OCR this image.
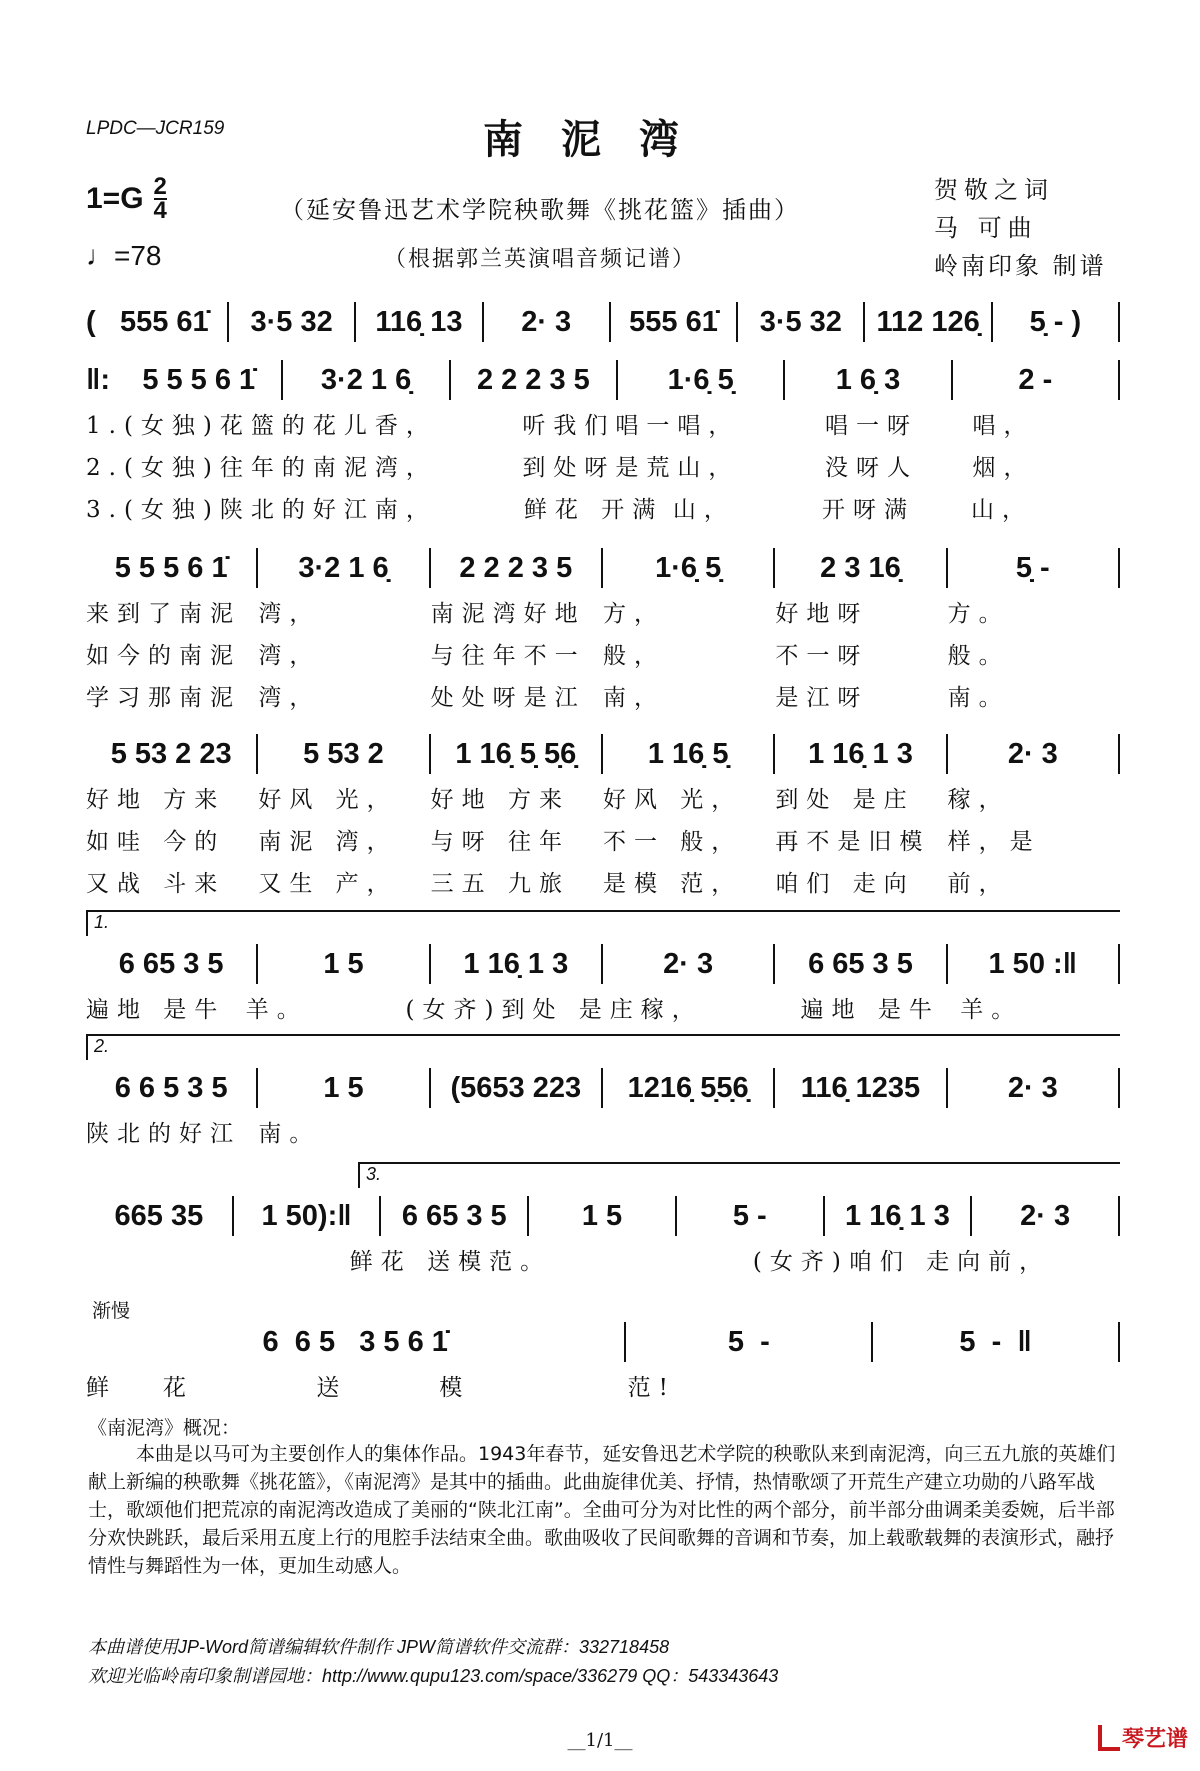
LPDC—JCR159	南泥湾
$1=G \frac{2}{4}$
♩=78
（延安鲁迅艺术学院秧歌舞《挑花篮》插曲）
（根据郭兰英演唱音频记谱）
贺敬之词
马 可曲
岭南印象 制谱
( 555 61̇	3·5 32	116̣ 13	2· 3	555 61̇	3·5 32	112 126̣	5̣ - )
‖:	5 5 5 6 1̇	3·2 1 6̣	2 2 2 3 5	1·6̣ 5̣	1 6̣ 3	2 -
1.(女独)花篮的花儿 香，	听我们唱一 唱，	唱一呀	唱，
2.(女独)往年的南泥 湾，	到处呀是荒 山，	没呀人	烟，
3.(女独)陕北的好江 南，	鲜花 开满 山，	开呀满	山，
5 5 5 6 1̇	3·2 1 6̣	2 2 2 3 5	1·6̣ 5̣	2 3 16̣	5̣ -
来到了南泥 湾，	南泥湾好地 方，	好地呀	方。
如今的南泥 湾，	与往年不一 般，	不一呀	般。
学习那南泥 湾，	处处呀是江 南，	是江呀	南。
5 53 2 23	5 53 2	1 16̣ 5̣ 5̣6̣	1 16̣ 5̣	1 16̣ 1 3	2· 3
好地 方来	好风 光，	好地 方来	好风 光，	到处 是庄	稼，
如哇 今的	南泥 湾，	与呀 往年	不一 般，	再不是旧模 样，是
又战 斗来	又生 产，	三五 九旅	是模 范，	咱们 走向	前，
1.
6 65 3 5	1 5	1 16̣ 1 3	2· 3	6 65 3 5	1 50 :‖
遍地 是牛 羊。	(女齐)到处 是庄 稼，	遍地 是牛 羊。
2.
6 6 5 3 5	1 5	(5653 223	1216̣ 5̣5̣6̣	116̣ 1235	2· 3
陕北的好江 南。
3.
665 35	1 50):‖	6 65 3 5	1 5	5 -	1 16̣ 1 3	2· 3
鲜花 送模 范。	(女齐)咱们 走向 前，
6  6 5   3 5 6 1̇	5  -	5  -  ‖
鲜   花        送      模	范!
渐慢
《南泥湾》概况：
本曲是以马可为主要创作人的集体作品。1943年春节，延安鲁迅艺术学院的秧歌队来到南泥湾，向三五九旅的英雄们献上新编的秧歌舞《挑花篮》，《南泥湾》是其中的插曲。此曲旋律优美、抒情，热情歌颂了开荒生产建立功勋的八路军战士，歌颂他们把荒凉的南泥湾改造成了美丽的“陕北江南”。全曲可分为对比性的两个部分，前半部分曲调柔美委婉，后半部分欢快跳跃，最后采用五度上行的甩腔手法结束全曲。歌曲吸收了民间歌舞的音调和节奏，加上载歌载舞的表演形式，融抒情性与舞蹈性为一体，更加生动感人。
本曲谱使用JP-Word简谱编辑软件制作 JPW简谱软件交流群：332718458
欢迎光临岭南印象制谱园地：http://www.qupu123.com/space/336279 QQ：543343643
__1/1__	琴艺谱
